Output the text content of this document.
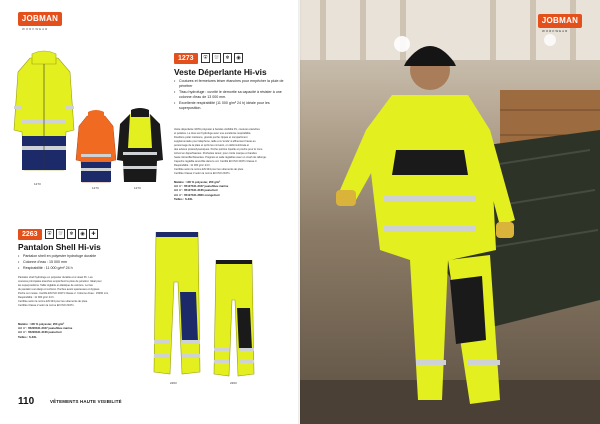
JOBMAN
WORKWEAR
1273
1273	1273
1273	⛨	⛆	❄	◉
Veste Déperlante Hi-vis
• Coutures et fermetures leiser étanches pour empêcher la pluie de pénétrer
• Tissu hydrofuge : cuvrité le demortie sa capacité à résister à une colonne d'eau de 13 000 mm.
• Excellente respirabilité (11 000 g/m² 24 h) idéale pour les superposition.
Veste déperlante 100% polyester à bandes visibilité Pn, coutures étanches
et polaires. Le tissu est hydrofuge avec une excellente respirabilité.
Doublure polar intérieure, grande poche zippée et compartiment
supplémentaire pour téléphone, taille et à 'tende' à affinement haute au
personnage de la plaie et qu'ils les convient, on déformulizzata et
des ecletos protéodynamiques. Poche poitrine zipeille et proche pour le zone
Arrivel en déperfisantes. Pochettes tanuir, pour corde marque et bandes
haute rétroréfléchissantes. Poignets et salle réglables avec un crash de rallonge.
Capuche réglable amovible dans le col. Certifié EN ISO 20471 Classe 3.
Respirabilité : 11 000 g/m² 24 h.
Certifiée selon la norme EN 343 pour les vêtements de pluie.
Certifiée Classe 3 selon la norme EN ISO 20471.
Matière : 100 % polyester, 200 g/m²
Art n° : 65127341-2047 jaune/bleu marine
Art n° : 65127341-3166 jaune/noir
Art n° : 65127341-2800 orange/noir
Tailles : S-3XL
2263	⛨	⛆	❄	◉	✚
Pantalon Shell Hi-vis
• Pantalon shell en polyester hydrofuge durable
• Colonne d'eau : 15 000 mm
• Respirabilité : 11 000 g/m² 24 h
Pantalon shell hydrofuge en polyester durable et à visuel Pn. Les
coutures principales étanches empêchent la pluie de pénétrer. Idéal pour
les superpositions. Taille réglable et élastique de ceinture. Le bas
du pantalon est élargi et renforcé. Poches avant spacieuses et zippées.
Poche sur cuisse. Certifié EN ISO 20471 Classe 2. Colonne d'eau : 15000 mm.
Respirabilité : 11 000 g/m² 24 h.
Certifiée selon la norme EN 343 pour les vêtements de pluie.
Certifiée Classe 2 selon la norme EN ISO 20471.
Matière : 100 % polyester, 200 g/m²
Art n° : 65226341-2047 jaune/bleu marine
Art n° : 65226341-3166 jaune/noir
Tailles : S-3XL
2263	2263
110	VÊTEMENTS HAUTE VISIBILITÉ
JOBMAN
WORKWEAR
